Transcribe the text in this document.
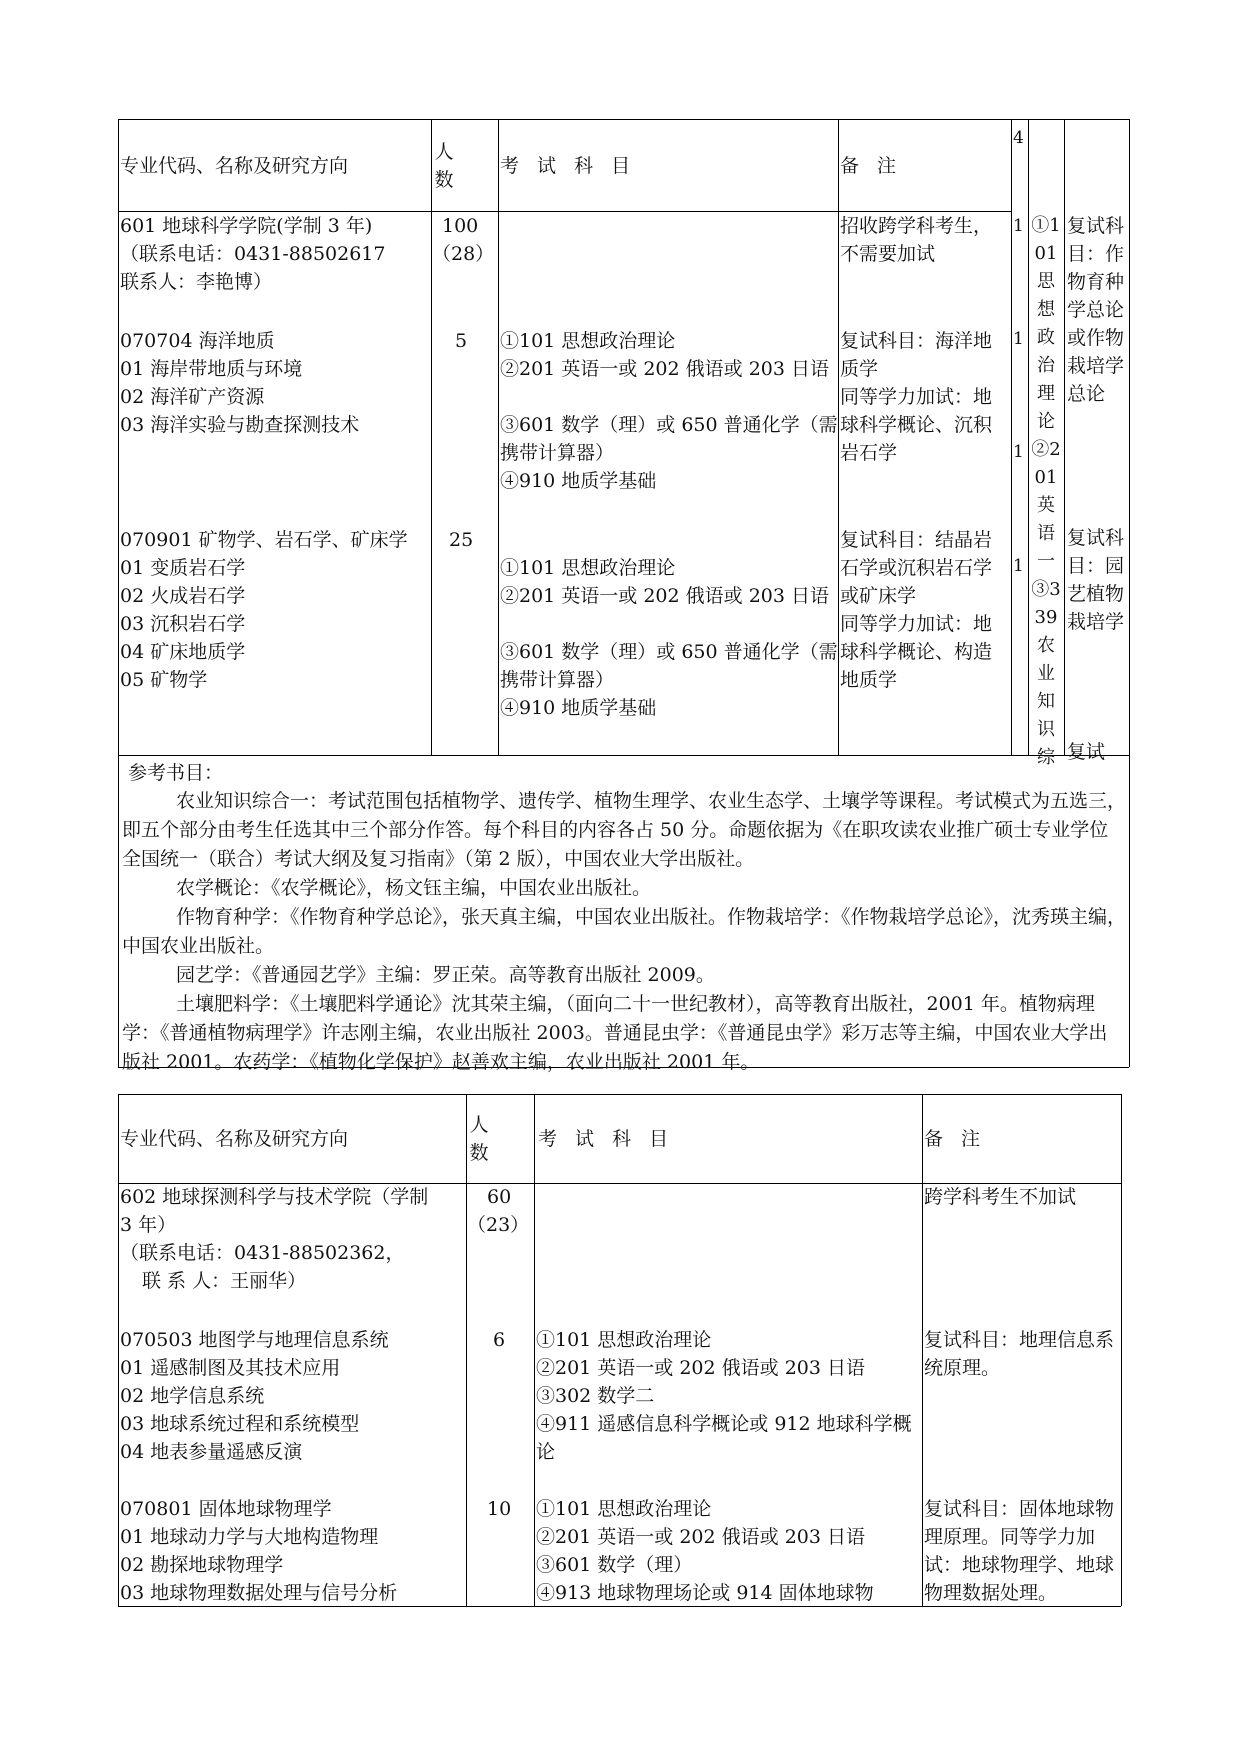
专业代码、名称及研究方向
人数
考 试 科 目	备 注
601 地球科学学院(学制 3 年)
（联系电话：0431-88502617
联系人：李艳博）
100
（28）
招收跨学科考生，不需要加试
070704 海洋地质
01 海岸带地质与环境
02 海洋矿产资源
03 海洋实验与勘查探测技术
5 ①101 思想政治理论
②201 英语一或 202 俄语或 203 日语
③601 数学（理）或 650 普通化学（需携带计算器）
④910 地质学基础
复试科目：海洋地质学
同等学力加试：地球科学概论、沉积岩石学
070901 矿物学、岩石学、矿床学
01 变质岩石学
02 火成岩石学
03 沉积岩石学
04 矿床地质学
05 矿物学
25
①101 思想政治理论
②201 英语一或 202 俄语或 203 日语
③601 数学（理）或 650 普通化学（需携带计算器）
④910 地质学基础
复试科目：结晶岩石学或沉积岩石学或矿床学
同等学力加试：地球科学概论、构造地质学
4
1
1
1
1
①101思想政治理论②201英语一③339农业知识综
复试科目：作物育种学总论或作物栽培学总论
复试科目：园艺植物栽培学
复试
参考书目：
农业知识综合一：考试范围包括植物学、遗传学、植物生理学、农业生态学、土壤学等课程。考试模式为五选三，即五个部分由考生任选其中三个部分作答。每个科目的内容各占 50 分。命题依据为《在职攻读农业推广硕士专业学位全国统一（联合）考试大纲及复习指南》（第 2 版），中国农业大学出版社。
农学概论：《农学概论》，杨文钰主编，中国农业出版社。
作物育种学：《作物育种学总论》，张天真主编，中国农业出版社。作物栽培学：《作物栽培学总论》，沈秀瑛主编，中国农业出版社。
园艺学：《普通园艺学》主编：罗正荣。高等教育出版社 2009。
土壤肥料学：《土壤肥料学通论》沈其荣主编，（面向二十一世纪教材），高等教育出版社，2001 年。植物病理学：《普通植物病理学》许志刚主编，农业出版社 2003。普通昆虫学：《普通昆虫学》彩万志等主编，中国农业大学出版社 2001。农药学：《植物化学保护》赵善欢主编，农业出版社 2001 年。
专业代码、名称及研究方向
人数
考 试 科 目	备 注
602 地球探测科学与技术学院（学制
3 年）
（联系电话：0431-88502362，
联 系 人：王丽华）
60
（23）
跨学科考生不加试
070503 地图学与地理信息系统
01 遥感制图及其技术应用
02 地学信息系统
03 地球系统过程和系统模型
04 地表参量遥感反演
6 ①101 思想政治理论
②201 英语一或 202 俄语或 203 日语
③302 数学二
④911 遥感信息科学概论或 912 地球科学概论
复试科目：地理信息系统原理。
070801 固体地球物理学
01 地球动力学与大地构造物理
02 勘探地球物理学
03 地球物理数据处理与信号分析
10 ①101 思想政治理论
②201 英语一或 202 俄语或 203 日语
③601 数学（理）
④913 地球物理场论或 914 固体地球物
复试科目：固体地球物理原理。同等学力加试：地球物理学、地球物理数据处理。
